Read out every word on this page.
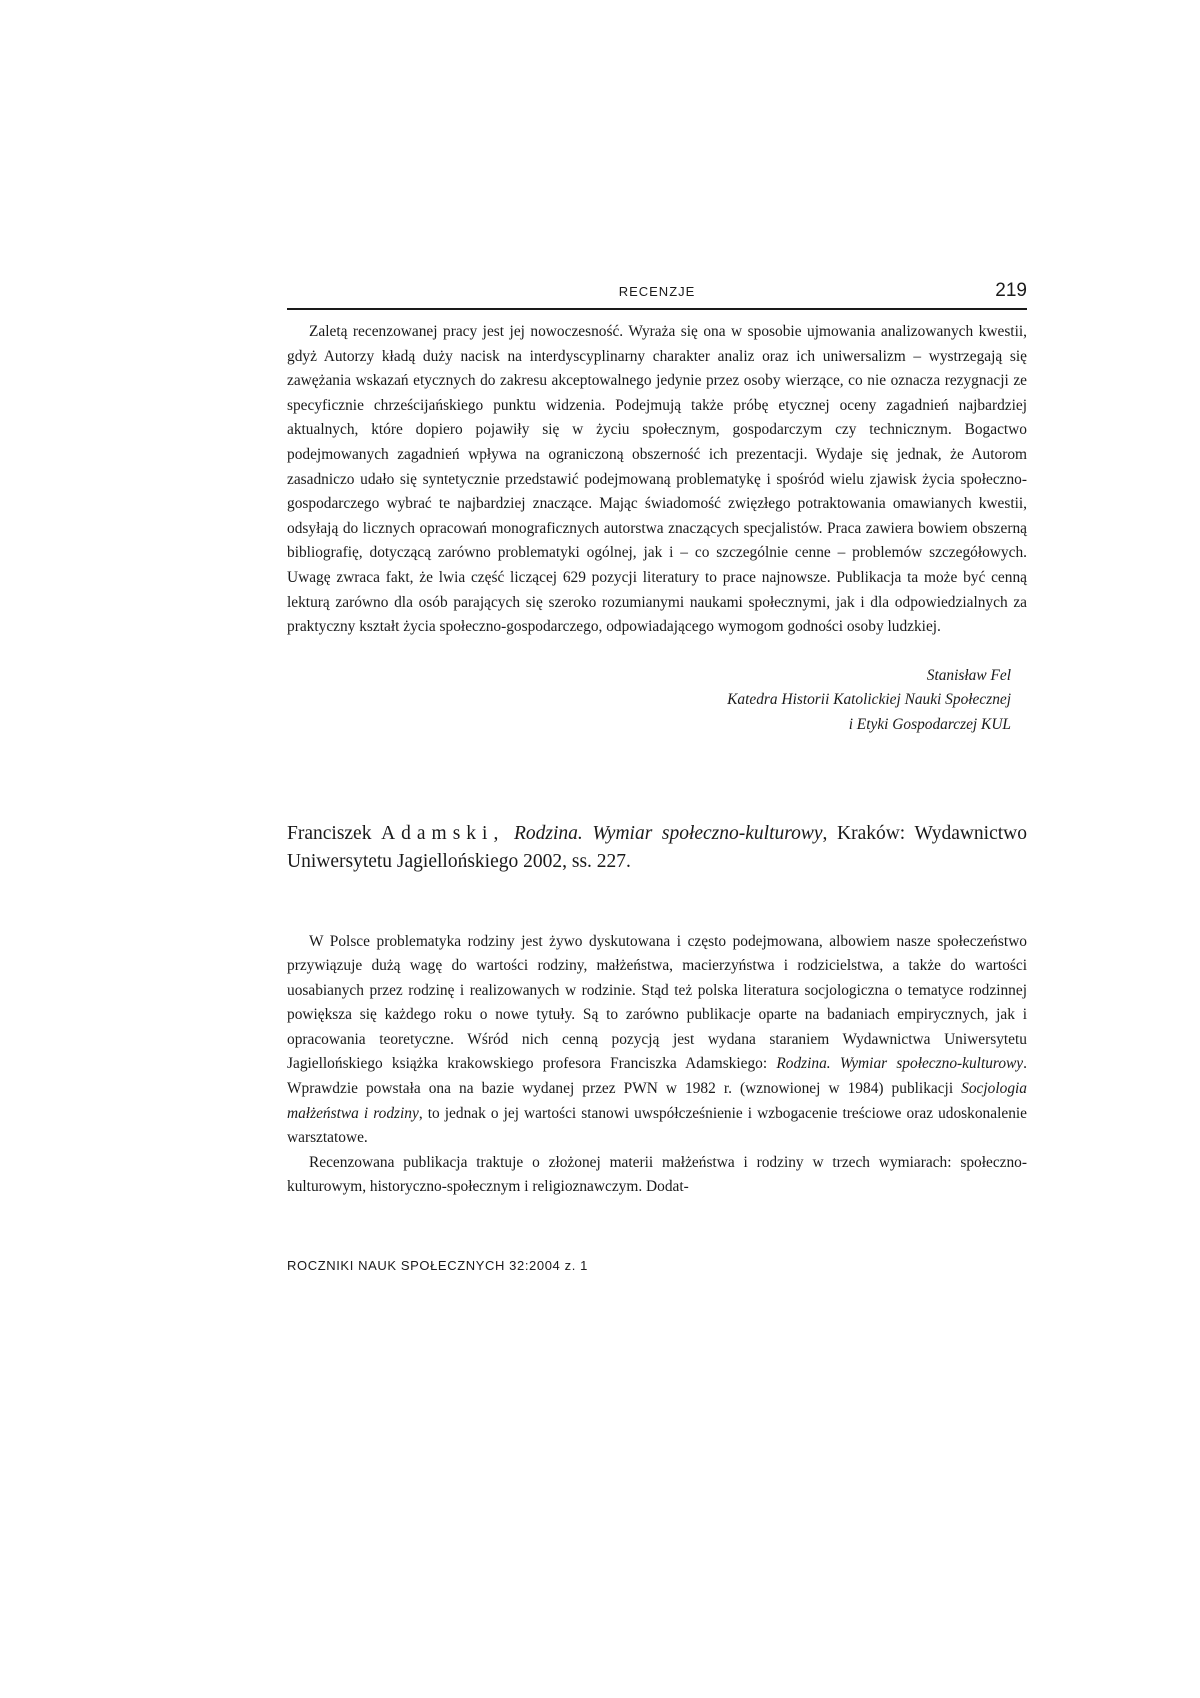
RECENZJE	219

Zaletą recenzowanej pracy jest jej nowoczesność. Wyraża się ona w sposobie ujmowania analizowanych kwestii, gdyż Autorzy kładą duży nacisk na interdyscyplinarny charakter analiz oraz ich uniwersalizm – wystrzegają się zawężania wskazań etycznych do zakresu akceptowalnego jedynie przez osoby wierzące, co nie oznacza rezygnacji ze specyficznie chrześcijańskiego punktu widzenia. Podejmują także próbę etycznej oceny zagadnień najbardziej aktualnych, które dopiero pojawiły się w życiu społecznym, gospodarczym czy technicznym. Bogactwo podejmowanych zagadnień wpływa na ograniczoną obszerność ich prezentacji. Wydaje się jednak, że Autorom zasadniczo udało się syntetycznie przedstawić podejmowaną problematykę i spośród wielu zjawisk życia społeczno-gospodarczego wybrać te najbardziej znaczące. Mając świadomość zwięzłego potraktowania omawianych kwestii, odsyłają do licznych opracowań monograficznych autorstwa znaczących specjalistów. Praca zawiera bowiem obszerną bibliografię, dotyczącą zarówno problematyki ogólnej, jak i – co szczególnie cenne – problemów szczegółowych. Uwagę zwraca fakt, że lwia część liczącej 629 pozycji literatury to prace najnowsze. Publikacja ta może być cenną lekturą zarówno dla osób parających się szeroko rozumianymi naukami społecznymi, jak i dla odpowiedzialnych za praktyczny kształt życia społeczno-gospodarczego, odpowiadającego wymogom godności osoby ludzkiej.

Stanisław Fel
Katedra Historii Katolickiej Nauki Społecznej
i Etyki Gospodarczej KUL
Franciszek Adamski, Rodzina. Wymiar społeczno-kulturowy, Kraków: Wydawnictwo Uniwersytetu Jagiellońskiego 2002, ss. 227.

W Polsce problematyka rodziny jest żywo dyskutowana i często podejmowana, albowiem nasze społeczeństwo przywiązuje dużą wagę do wartości rodziny, małżeństwa, macierzyństwa i rodzicielstwa, a także do wartości uosabianych przez rodzinę i realizowanych w rodzinie. Stąd też polska literatura socjologiczna o tematyce rodzinnej powiększa się każdego roku o nowe tytuły. Są to zarówno publikacje oparte na badaniach empirycznych, jak i opracowania teoretyczne. Wśród nich cenną pozycją jest wydana staraniem Wydawnictwa Uniwersytetu Jagiellońskiego książka krakowskiego profesora Franciszka Adamskiego: Rodzina. Wymiar społeczno-kulturowy. Wprawdzie powstała ona na bazie wydanej przez PWN w 1982 r. (wznowionej w 1984) publikacji Socjologia małżeństwa i rodziny, to jednak o jej wartości stanowi uwspółcześnienie i wzbogacenie treściowe oraz udoskonalenie warsztatowe.

Recenzowana publikacja traktuje o złożonej materii małżeństwa i rodziny w trzech wymiarach: społeczno-kulturowym, historyczno-społecznym i religioznawczym. Dodat-

ROCZNIKI NAUK SPOŁECZNYCH 32:2004 z. 1
